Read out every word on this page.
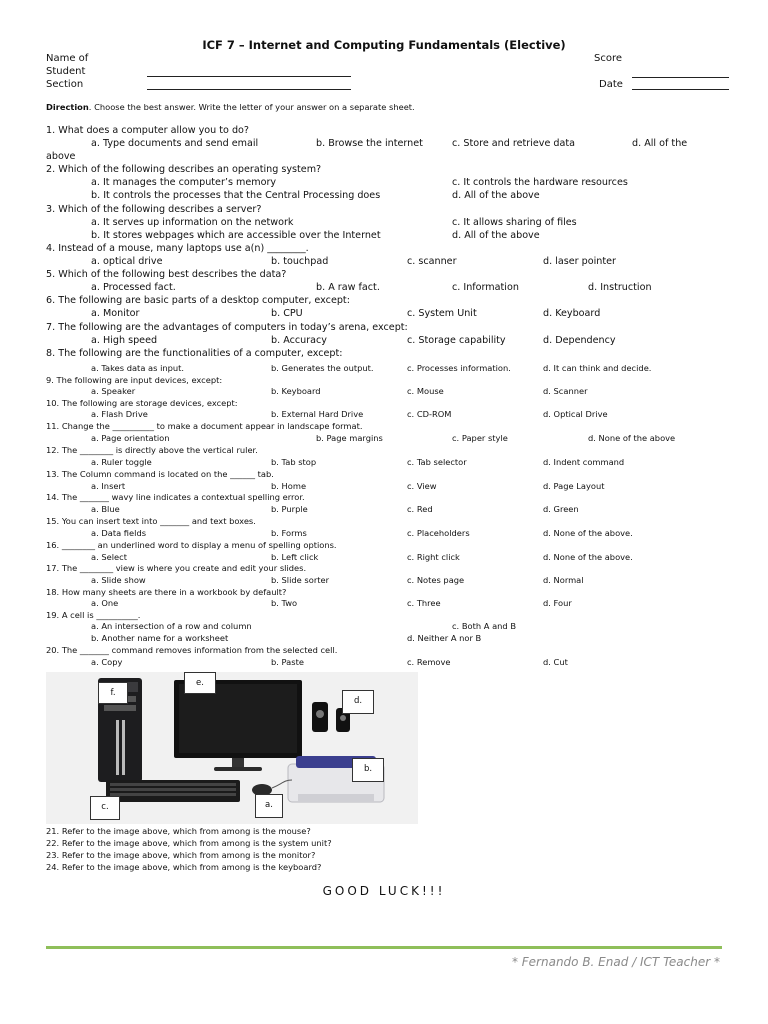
ICF 7 – Internet and Computing Fundamentals (Elective)
Name of
Student
Section
Score
Date
Direction. Choose the best answer. Write the letter of your answer on a separate sheet.
1. What does a computer allow you to do?
a. Type documents and send email	b. Browse the internet	c. Store and retrieve data	d. All of the
above
2. Which of the following describes an operating system?
a. It manages the computer’s memory	c. It controls the hardware resources
b. It controls the processes that the Central Processing does	d. All of the above
3. Which of the following describes a server?
a. It serves up information on the network	c. It allows sharing of files
b. It stores webpages which are accessible over the Internet	d. All of the above
4. Instead of a mouse, many laptops use a(n) ________.
a. optical drive	b. touchpad	c. scanner	d. laser pointer
5. Which of the following best describes the data?
a. Processed fact.	b. A raw fact.	c. Information	d. Instruction
6. The following are basic parts of a desktop computer, except:
a. Monitor	b. CPU	c. System Unit	d. Keyboard
7. The following are the advantages of computers in today’s arena, except:
a. High speed	b. Accuracy	c. Storage capability	d. Dependency
8. The following are the functionalities of a computer, except:
a. Takes data as input.	b. Generates the output.	c. Processes information.	d. It can think and decide.
9. The following are input devices, except:
a. Speaker	b. Keyboard	c. Mouse	d. Scanner
10. The following are storage devices, except:
a. Flash Drive	b. External Hard Drive	c. CD-ROM	d. Optical Drive
11. Change the __________ to make a document appear in landscape format.
a. Page orientation	b. Page margins	c. Paper style	d. None of the above
12. The ________ is directly above the vertical ruler.
a. Ruler toggle	b. Tab stop	c. Tab selector	d. Indent command
13. The Column command is located on the ______ tab.
a. Insert	b. Home	c. View	d. Page Layout
14. The _______ wavy line indicates a contextual spelling error.
a. Blue	b. Purple	c. Red	d. Green
15. You can insert text into _______ and text boxes.
a. Data fields	b. Forms	c. Placeholders	d. None of the above.
16. ________ an underlined word to display a menu of spelling options.
a. Select	b. Left click	c. Right click	d. None of the above.
17. The ________ view is where you create and edit your slides.
a. Slide show	b. Slide sorter	c. Notes page	d. Normal
18. How many sheets are there in a workbook by default?
a. One	b. Two	c. Three	d. Four
19. A cell is __________.
a. An intersection of a row and column	c. Both A and B
b. Another name for a worksheet	d. Neither A nor B
20. The _______ command removes information from the selected cell.
a. Copy	b. Paste	c. Remove	d. Cut
f.
e.
d.
b.
c.	a.
21. Refer to the image above, which from among is the mouse?
22. Refer to the image above, which from among is the system unit?
23. Refer to the image above, which from among is the monitor?
24. Refer to the image above, which from among is the keyboard?
GOOD LUCK!!!
* Fernando B. Enad / ICT Teacher *
